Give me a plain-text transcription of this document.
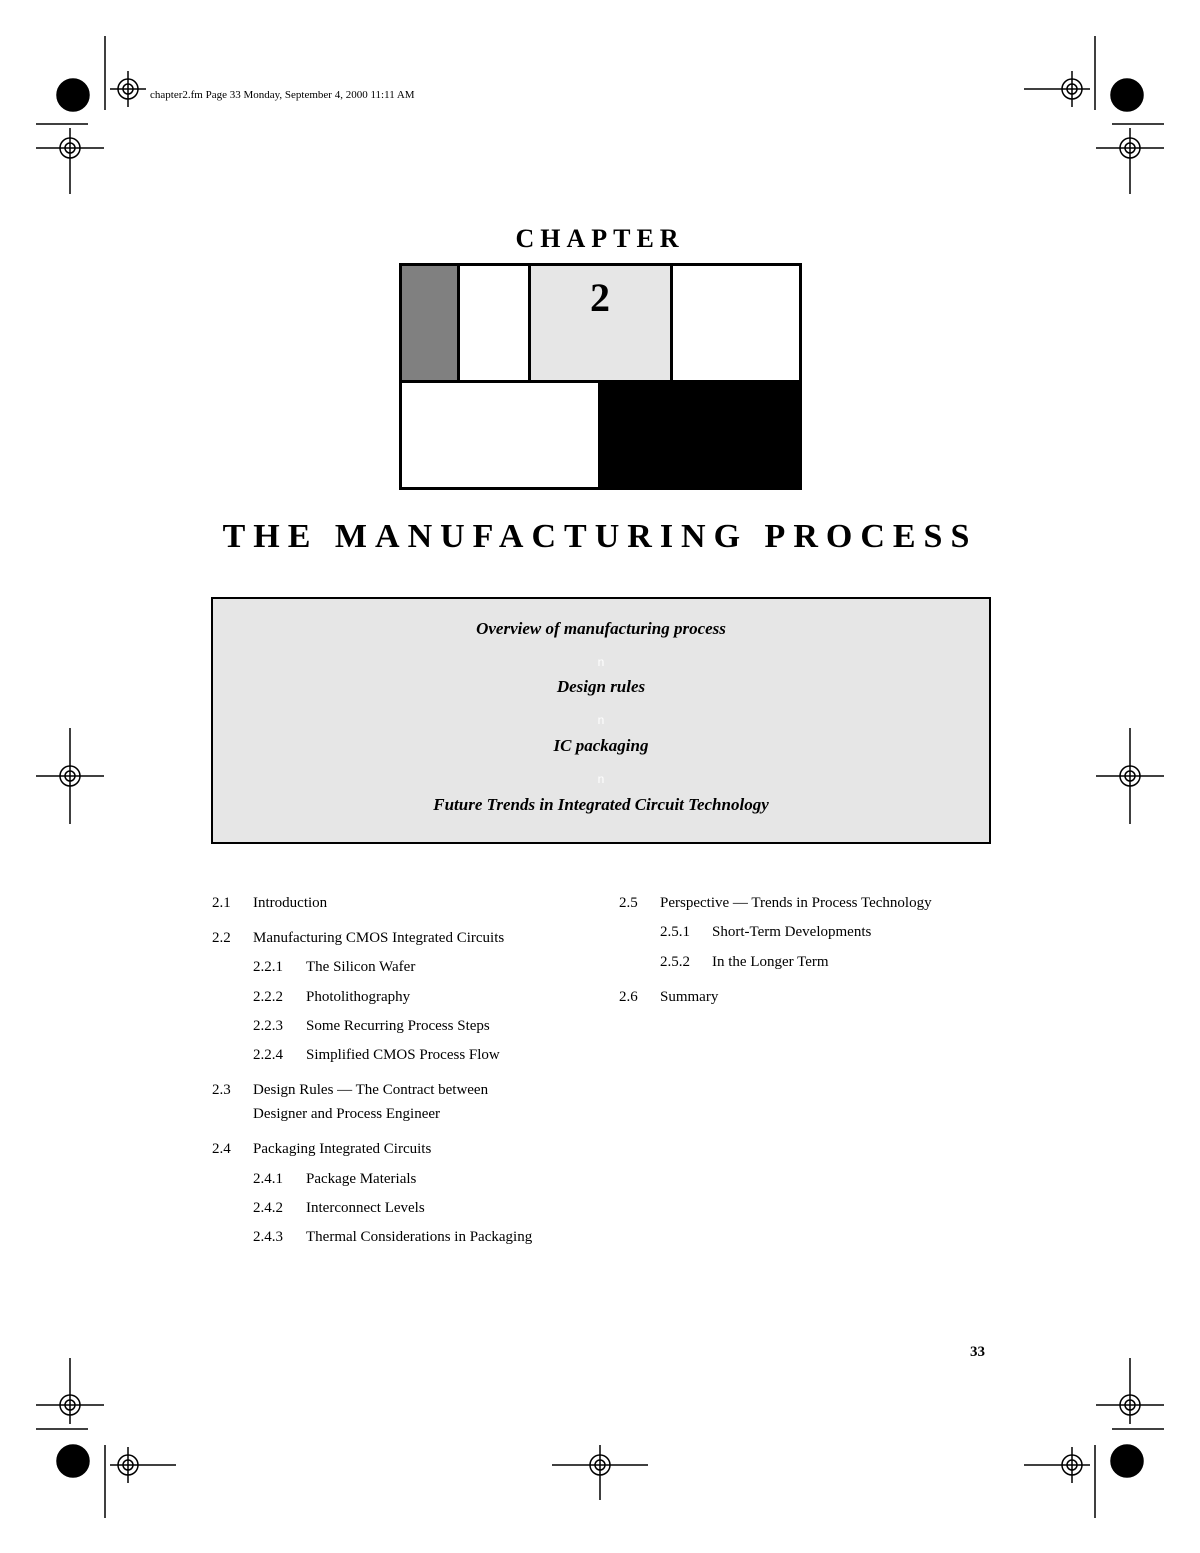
chapter2.fm Page 33 Monday, September 4, 2000 11:11 AM
CHAPTER
2
THE MANUFACTURING PROCESS
Overview of manufacturing process
n
Design rules
n
IC packaging
n
Future Trends in Integrated Circuit Technology
2.1 Introduction
2.2 Manufacturing CMOS Integrated Circuits
2.2.1 The Silicon Wafer
2.2.2 Photolithography
2.2.3 Some Recurring Process Steps
2.2.4 Simplified CMOS Process Flow
2.3 Design Rules — The Contract between
Designer and Process Engineer
2.4 Packaging Integrated Circuits
2.4.1 Package Materials
2.4.2 Interconnect Levels
2.4.3 Thermal Considerations in Packaging
2.5 Perspective — Trends in Process Technology
2.5.1 Short-Term Developments
2.5.2 In the Longer Term
2.6 Summary
33
